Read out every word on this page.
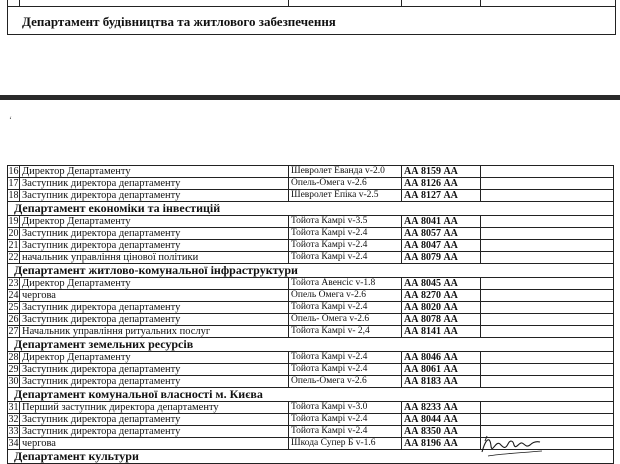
Департамент будівництва та житлового забезпечення
‘
16	Директор Департаменту	Шевролет Еванда v-2.0	АА 8159 АА	
17	Заступник директора департаменту	Опель-Омега v-2.6	АА 8126 АА	
18	Заступник директора департаменту	Шевролет Епіка v-2.5	АА 8127 АА	
Департамент економіки та інвестицій				
19	Директор Департаменту	Тойота Камрі v-3.5	АА 8041 АА	
20	Заступник директора департаменту	Тойота Камрі v-2.4	АА 8057 АА	
21	Заступник директора департаменту	Тойота Камрі v-2.4	АА 8047 АА	
22	начальник управління цінової політики	Тойота Камрі v-2.4	АА 8079 АА	
Департамент житлово-комунальної інфраструктури				
23	Директор Департаменту	Тойота Авенсіс v-1.8	АА 8045 АА	
24	чергова	Опель Омега v-2.6	АА 8270 АА	
25	Заступник директора департаменту	Тойота Камрі v-2.4	АА 8020 АА	
26	Заступник директора департаменту	Опель- Омега v-2.6	АА 8078 АА	
27	Начальник управління ритуальних послуг	Тойота Камрі v- 2,4	АА 8141 АА	
Департамент земельних ресурсів				
28	Директор Департаменту	Тойота Камрі v-2.4	АА 8046 АА	
29	Заступник директора департаменту	Тойота Камрі v-2.4	АА 8061 АА	
30	Заступник директора департаменту	Опель-Омега v-2.6	АА 8183 АА	
Департамент комунальної власності м. Києва				
31	Перший заступник директора департаменту	Тойота Камрі v-3.0	АА 8233 АА	
32	Заступник директора департаменту	Тойота Камрі v-2.4	АА 8044 АА	
33	Заступник директора департаменту	Тойота Камрі v-2.4	АА 8350 АА	
34	чергова	Шкода Супер Б v-1.6	АА 8196 АА	
Департамент культури				
